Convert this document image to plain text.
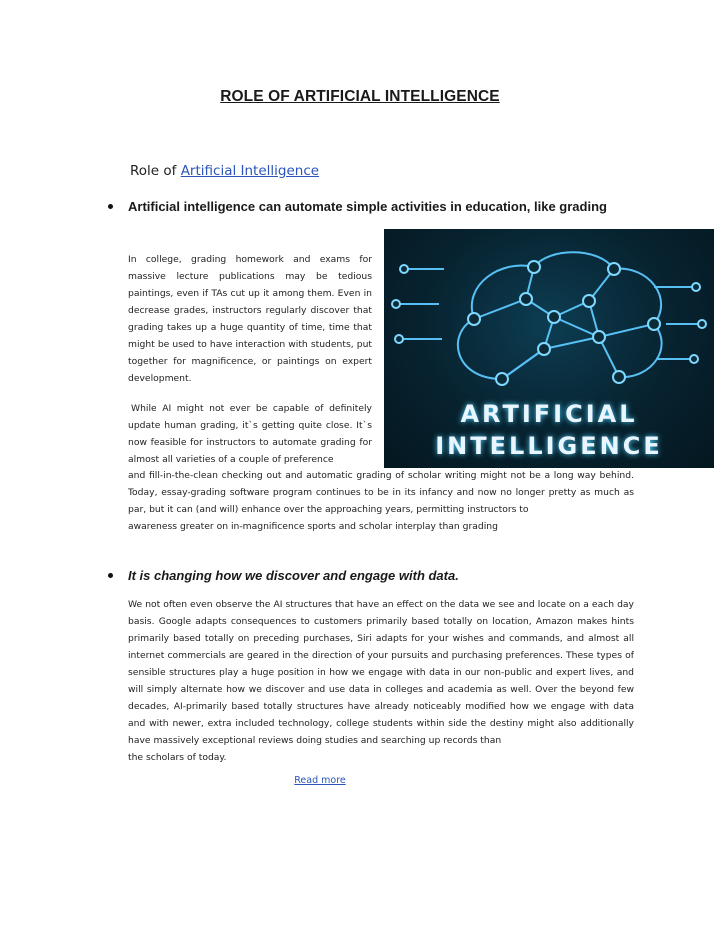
ROLE OF ARTIFICIAL INTELLIGENCE
Role of Artificial Intelligence
Artificial intelligence can automate simple activities in education, like grading

In college, grading homework and exams for massive lecture publications may be tedious paintings, even if TAs cut up it among them. Even in decrease grades, instructors regularly discover that grading takes up a huge quantity of time, time that might be used to have interaction with students, put together for magnificence, or paintings on expert development.

While AI might not ever be capable of definitely update human grading, it`s getting quite close. It`s now feasible for instructors to automate grading for almost all varieties of a couple of preference

and fill-in-the-clean checking out and automatic grading of scholar writing might not be a long way behind. Today, essay-grading software program continues to be in its infancy and now no longer pretty as much as par, but it can (and will) enhance over the approaching years, permitting instructors to

awareness greater on in-magnificence sports and scholar interplay than grading

ARTIFICIAL
INTELLIGENCE
It is changing how we discover and engage with data.

We not often even observe the AI structures that have an effect on the data we see and locate on a each day basis. Google adapts consequences to customers primarily based totally on location, Amazon makes hints primarily based totally on preceding purchases, Siri adapts for your wishes and commands, and almost all internet commercials are geared in the direction of your pursuits and purchasing preferences. These types of sensible structures play a huge position in how we engage with data in our non-public and expert lives, and will simply alternate how we discover and use data in colleges and academia as well. Over the beyond few decades, AI-primarily based totally structures have already noticeably modified how we engage with data and with newer, extra included technology, college students within side the destiny might also additionally have massively exceptional reviews doing studies and searching up records than

the scholars of today.

Read more
